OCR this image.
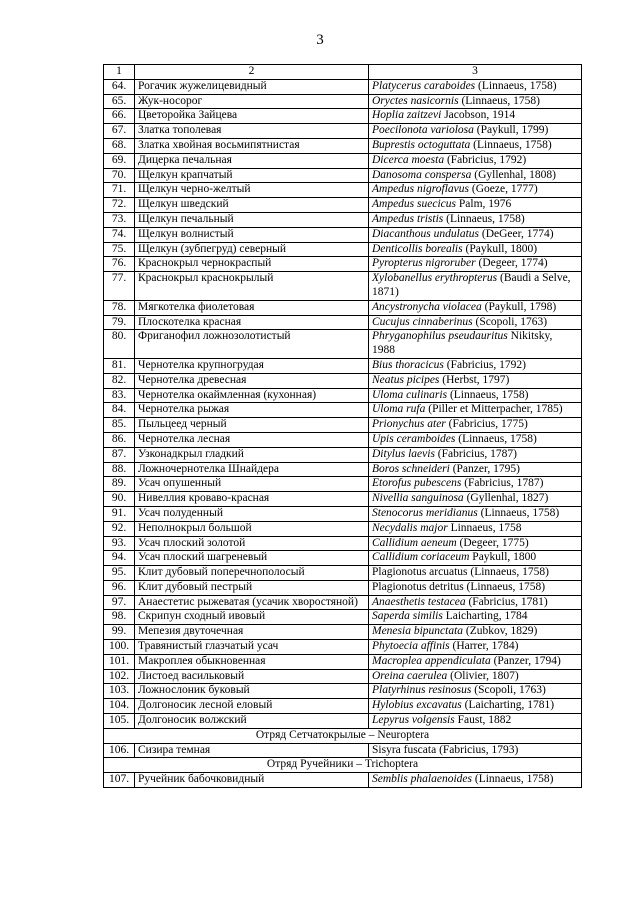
3
1	2	3
64.	Рогачик жужелицевидный	Platycerus caraboides (Linnaeus, 1758)
65.	Жук-носорог	Oryctes nasicornis (Linnaeus, 1758)
66.	Цветоройка Зайцева	Hoplia zaitzevi Jacobson, 1914
67.	Златка тополевая	Poecilonota variolosa (Paykull, 1799)
68.	Златка хвойная восьмипятнистая	Buprestis octoguttata (Linnaeus, 1758)
69.	Дицерка печальная	Dicerca moesta (Fabricius, 1792)
70.	Щелкун крапчатый	Danosoma conspersa (Gyllenhal, 1808)
71.	Щелкун черно-желтый	Ampedus nigroflavus (Goeze, 1777)
72.	Щелкун шведский	Ampedus suecicus Palm, 1976
73.	Щелкун печальный	Ampedus tristis (Linnaeus, 1758)
74.	Щелкун волнистый	Diacanthous undulatus (DeGeer, 1774)
75.	Щелкун (зубпегруд) северный	Denticollis borealis (Paykull, 1800)
76.	Краснокрыл чернокраспый	Pyropterus nigroruber (Degeer, 1774)
77.	Краснокрыл краснокрылый	Xylobanellus erythropterus (Baudi a Selve, 1871)
78.	Мягкотелка фиолетовая	Ancystronycha violacea (Paykull, 1798)
79.	Плоскотелка красная	Cucujus cinnaberinus (Scopoli, 1763)
80.	Фриганофил ложнозолотистый	Phryganophilus pseudauritus Nikitsky, 1988
81.	Чернотелка крупногрудая	Bius thoracicus (Fabricius, 1792)
82.	Чернотелка древесная	Neatus picipes (Herbst, 1797)
83.	Чернотелка окаймленная (кухонная)	Uloma culinaris (Linnaeus, 1758)
84.	Чернотелка рыжая	Uloma rufa (Piller et Mitterpacher, 1785)
85.	Пыльцеед черный	Prionychus ater (Fabricius, 1775)
86.	Чернотелка лесная	Upis ceramboides (Linnaeus, 1758)
87.	Узконадкрыл гладкий	Ditylus laevis (Fabricius, 1787)
88.	Ложночернотелка Шнайдера	Boros schneideri (Panzer, 1795)
89.	Усач опушенный	Etorofus pubescens (Fabricius, 1787)
90.	Нивеллия кроваво-красная	Nivellia sanguinosa (Gyllenhal, 1827)
91.	Усач полуденный	Stenocorus meridianus (Linnaeus, 1758)
92.	Неполнокрыл большой	Necydalis major Linnaeus, 1758
93.	Усач плоский золотой	Callidium aeneum (Degeer, 1775)
94.	Усач плоский шагреневый	Callidium coriaceum Paykull, 1800
95.	Клит дубовый поперечнополосый	Plagionotus arcuatus (Linnaeus, 1758)
96.	Клит дубовый пестрый	Plagionotus detritus (Linnaeus, 1758)
97.	Анаестетис рыжеватая (усачик хворостяной)	Anaesthetis testacea (Fabricius, 1781)
98.	Скрипун сходный ивовый	Saperda similis Laicharting, 1784
99.	Мепезия двуточечная	Menesia bipunctata (Zubkov, 1829)
100.	Травянистый глазчатый усач	Phytoecia affinis (Harrer, 1784)
101.	Макроплея обыкновенная	Macroplea appendiculata (Panzer, 1794)
102.	Листоед васильковый	Oreina caerulea (Olivier, 1807)
103.	Ложнослоник буковый	Platyrhinus resinosus (Scopoli, 1763)
104.	Долгоносик лесной еловый	Hylobius excavatus (Laicharting, 1781)
105.	Долгоносик волжский	Lepyrus volgensis Faust, 1882
Отряд Сетчатокрылые – Neuroptera		
106.	Сизира темная	Sisyra fuscata (Fabricius, 1793)
Отряд Ручейники – Trichoptera		
107.	Ручейник бабочковидный	Semblis phalaenoides (Linnaeus, 1758)
